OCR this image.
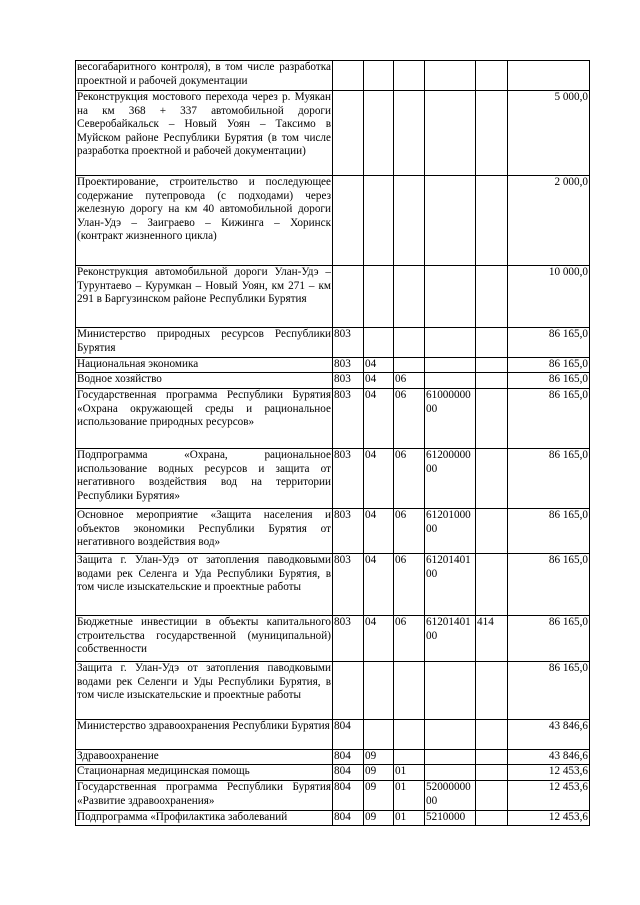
весогабаритного контроля), в том числе разработка проектной и рабочей документации						
Реконструкция мостового перехода через р. Муякан на км 368 + 337 автомобильной дороги Северобайкальск – Новый Уоян – Таксимо в Муйском районе Республики Бурятия (в том числе разработка проектной и рабочей документации)						5 000,0
Проектирование, строительство и последующее содержание путепровода (с подходами) через железную дорогу на км 40 автомобильной дороги Улан-Удэ – Заиграево – Кижинга – Хоринск (контракт жизненного цикла)						2 000,0
Реконструкция автомобильной дороги Улан-Удэ – Турунтаево – Курумкан – Новый Уоян, км 271 – км 291 в Баргузинском районе Республики Бурятия						10 000,0
Министерство природных ресурсов Республики Бурятия	803					86 165,0
Национальная экономика	803	04				86 165,0
Водное хозяйство	803	04	06			86 165,0
Государственная программа Республики Бурятия «Охрана окружающей среды и рациональное использование природных ресурсов»	803	04	06	6100000000		86 165,0
Подпрограмма «Охрана, рациональное использование водных ресурсов и защита от негативного воздействия вод на территории Республики Бурятия»	803	04	06	6120000000		86 165,0
Основное мероприятие «Защита населения и объектов экономики Республики Бурятия от негативного воздействия вод»	803	04	06	6120100000		86 165,0
Защита г. Улан-Удэ от затопления паводковыми водами рек Селенга и Уда Республики Бурятия, в том числе изыскательские и проектные работы	803	04	06	6120140100		86 165,0
Бюджетные инвестиции в объекты капитального строительства государственной (муниципальной) собственности	803	04	06	6120140100	414	86 165,0
Защита г. Улан-Удэ от затопления паводковыми водами рек Селенги и Уды Республики Бурятия, в том числе изыскательские и проектные работы						86 165,0
Министерство здравоохранения Республики Бурятия	804					43 846,6
Здравоохранение	804	09				43 846,6
Стационарная медицинская помощь	804	09	01			12 453,6
Государственная программа Республики Бурятия «Развитие здравоохранения»	804	09	01	5200000000		12 453,6
Подпрограмма «Профилактика заболеваний	804	09	01	5210000		12 453,6
